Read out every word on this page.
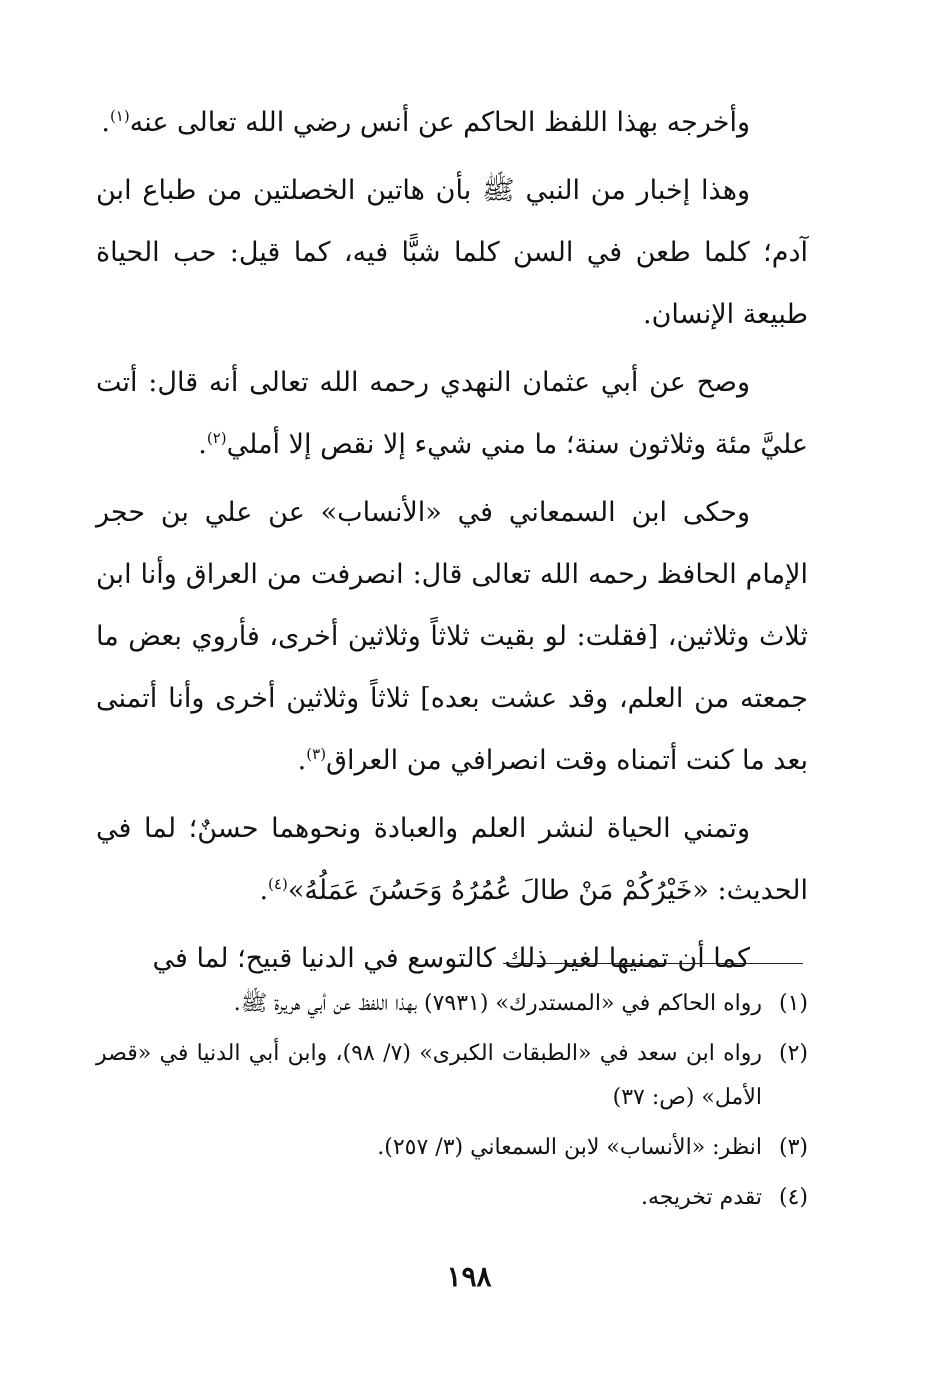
وأخرجه بهذا اللفظ الحاكم عن أنس رضي الله تعالى عنه$^{(١)}$.

وهذا إخبار من النبي ﷺ بأن هاتين الخصلتين من طباع ابن آدم؛ كلما طعن في السن كلما شبًّا فيه، كما قيل: حب الحياة طبيعة الإنسان.

وصح عن أبي عثمان النهدي رحمه الله تعالى أنه قال: أتت عليَّ مئة وثلاثون سنة؛ ما مني شيء إلا نقص إلا أملي$^{(٢)}$.

وحكى ابن السمعاني في «الأنساب» عن علي بن حجر الإمام الحافظ رحمه الله تعالى قال: انصرفت من العراق وأنا ابن ثلاث وثلاثين، [فقلت: لو بقيت ثلاثاً وثلاثين أخرى، فأروي بعض ما جمعته من العلم، وقد عشت بعده] ثلاثاً وثلاثين أخرى وأنا أتمنى بعد ما كنت أتمناه وقت انصرافي من العراق$^{(٣)}$.

وتمني الحياة لنشر العلم والعبادة ونحوهما حسنٌ؛ لما في الحديث: «خَيْرُكُمْ مَنْ طالَ عُمُرُهُ وَحَسُنَ عَمَلُهُ»$^{(٤)}$.

كما أن تمنيها لغير ذلك كالتوسع في الدنيا قبيح؛ لما في

(١)
رواه الحاكم في «المستدرك» (٧٩٣١) بهذا اللفظ عن أبي هريرة ﷺ.
(٢)
رواه ابن سعد في «الطبقات الكبرى» (٧/ ٩٨)، وابن أبي الدنيا في «قصر الأمل» (ص: ٣٧)
(٣)
انظر: «الأنساب» لابن السمعاني (٣/ ٢٥٧).
(٤)
تقدم تخريجه.
١٩٨
